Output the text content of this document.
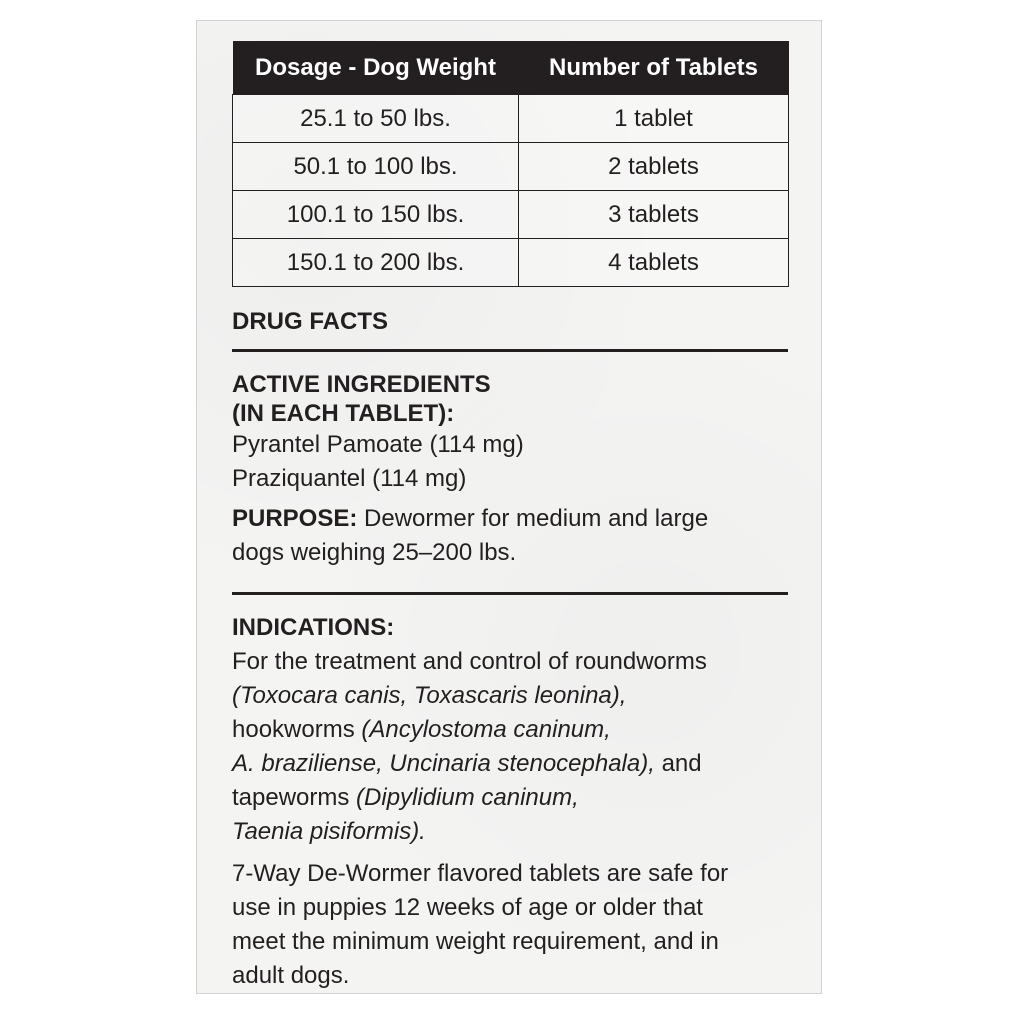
Dosage - Dog Weight	Number of Tablets
25.1 to 50 lbs.	1 tablet
50.1 to 100 lbs.	2 tablets
100.1 to 150 lbs.	3 tablets
150.1 to 200 lbs.	4 tablets
DRUG FACTS
ACTIVE INGREDIENTS
(IN EACH TABLET):
Pyrantel Pamoate (114 mg)
Praziquantel (114 mg)
PURPOSE: Dewormer for medium and large
dogs weighing 25–200 lbs.
INDICATIONS:
For the treatment and control of roundworms
(Toxocara canis, Toxascaris leonina),
hookworms (Ancylostoma caninum,
A. braziliense, Uncinaria stenocephala), and
tapeworms (Dipylidium caninum,
Taenia pisiformis).
7-Way De-Wormer flavored tablets are safe for
use in puppies 12 weeks of age or older that
meet the minimum weight requirement, and in
adult dogs.
